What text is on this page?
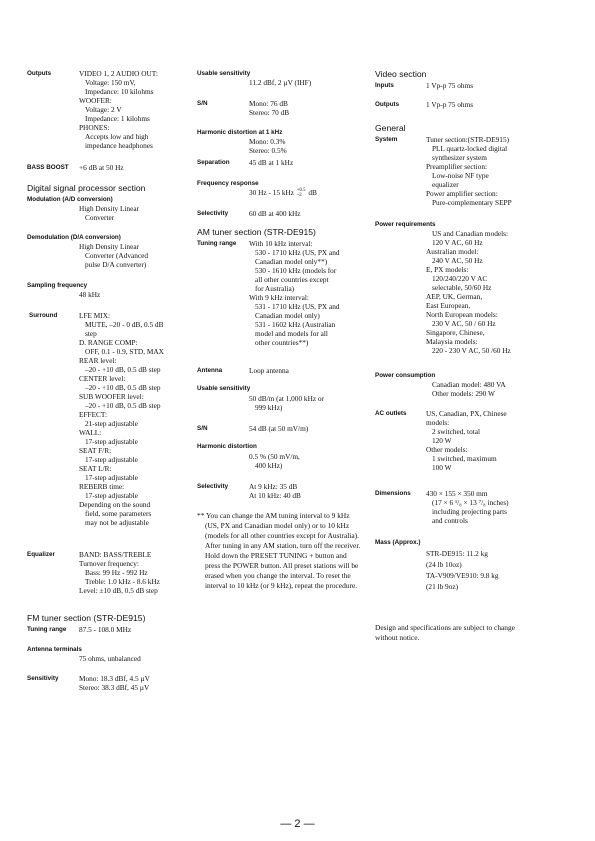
Outputs	VIDEO 1, 2 AUDIO OUT:
Voltage: 150 mV,
Impedance: 10 kilohms
WOOFER:
Voltage: 2 V
Impedance: 1 kilohms
PHONES:
Accepts low and high
impedance headphones
BASS BOOST +6 dB at 50 Hz
Digital signal processor section
Modulation (A/D conversion)
High Density Linear
Converter
Demodulation (D/A conversion)
High Density Linear
Converter (Advanced
pulse D/A converter)
Sampling frequency
48 kHz
Surround	LFE MIX:
MUTE, –20 - 0 dB, 0.5 dB
step
D. RANGE COMP:
OFF, 0.1 - 0.9, STD, MAX
REAR level:
–20 - +10 dB, 0.5 dB step
CENTER level:
–20 - +10 dB, 0.5 dB step
SUB WOOFER level:
–20 - +10 dB, 0.5 dB step
EFFECT:
21-step adjustable
WALL:
17-step adjustable
SEAT F/R:
17-step adjustable
SEAT L/R:
17-step adjustable
REBERB time:
17-step adjustable
Depending on the sound
field, some parameters
may not be adjustable
Equalizer	BAND: BASS/TREBLE
Turnover frequency:
Bass: 99 Hz - 992 Hz
Treble: 1.0 kHz - 8.6 kHz
Level: ±10 dB, 0.5 dB step
FM tuner section (STR-DE915)
Tuning range 87.5 - 108.0 MHz
Antenna terminals
75 ohms, unbalanced
Sensitivity	Mono: 18.3 dBf, 4.5 µV
Stereo: 38.3 dBf, 45 µV
Usable sensitivity
11.2 dBf, 2 µV (IHF)
S/N	Mono: 76 dB
Stereo: 70 dB
Harmonic distortion at 1 kHz
Mono: 0.3%
Stereo: 0.5%
Separation	45 dB at 1 kHz
Frequency response
30 Hz - 15 kHz +0.5
–2 dB
Selectivity	60 dB at 400 kHz
AM tuner section (STR-DE915)
Tuning range With 10 kHz interval:
530 - 1710 kHz (US, PX and
Canadian model only**)
530 - 1610 kHz (models for
all other countries except
for Australia)
With 9 kHz interval:
531 - 1710 kHz (US, PX and
Canadian model only)
531 - 1602 kHz (Australian
model and models for all
other countries**)
Antenna	Loop antenna
Usable sensitivity
50 dB/m (at 1,000 kHz or
999 kHz)
S/N	54 dB (at 50 mV/m)
Harmonic distortion
0.5 % (50 mV/m,
400 kHz)
Selectivity	At 9 kHz: 35 dB
At 10 kHz: 40 dB
** You can change the AM tuning interval to 9 kHz (US, PX and Canadian model only) or to 10 kHz (models for all other countries except for Australia). After tuning in any AM station, turn off the receiver. Hold down the PRESET TUNING + button and press the POWER button. All preset stations will be erased when you change the interval. To reset the interval to 10 kHz (or 9 kHz), repeat the procedure.
Video section
Inputs	1 Vp-p 75 ohms
Outputs	1 Vp-p 75 ohms
General
System	Tuner section:(STR-DE915)
PLL quartz-locked digital
synthesizer system
Preamplifier section:
Low-noise NF type
equalizer
Power amplifier section:
Pure-complementary SEPP
Power requirements
US and Canadian models:
120 V AC, 60 Hz
Australian model:
240 V AC, 50 Hz
E, PX models:
120/240/220 V AC
selectable, 50/60 Hz
AEP, UK, German,
East European,
North European models:
230 V AC, 50 / 60 Hz
Singapore, Chinese,
Malaysia models:
220 - 230 V AC, 50 /60 Hz
Power consumption
Canadian model: 480 VA
Other models: 290 W
AC outlets	US, Canadian, PX, Chinese
models:
2 switched, total
120 W
Other models:
1 switched, maximum
100 W
Dimensions 430 × 155 × 350 mm
(17 × 6 ¹/₈ × 13 ⁷/₈ inches)
including projecting parts
and controls
Mass (Approx.)
STR-DE915: 11.2 kg
(24 lb 10oz)
TA-V909/VE910: 9.8 kg
(21 lb 9oz)
Design and specifications are subject to change without notice.
— 2 —
